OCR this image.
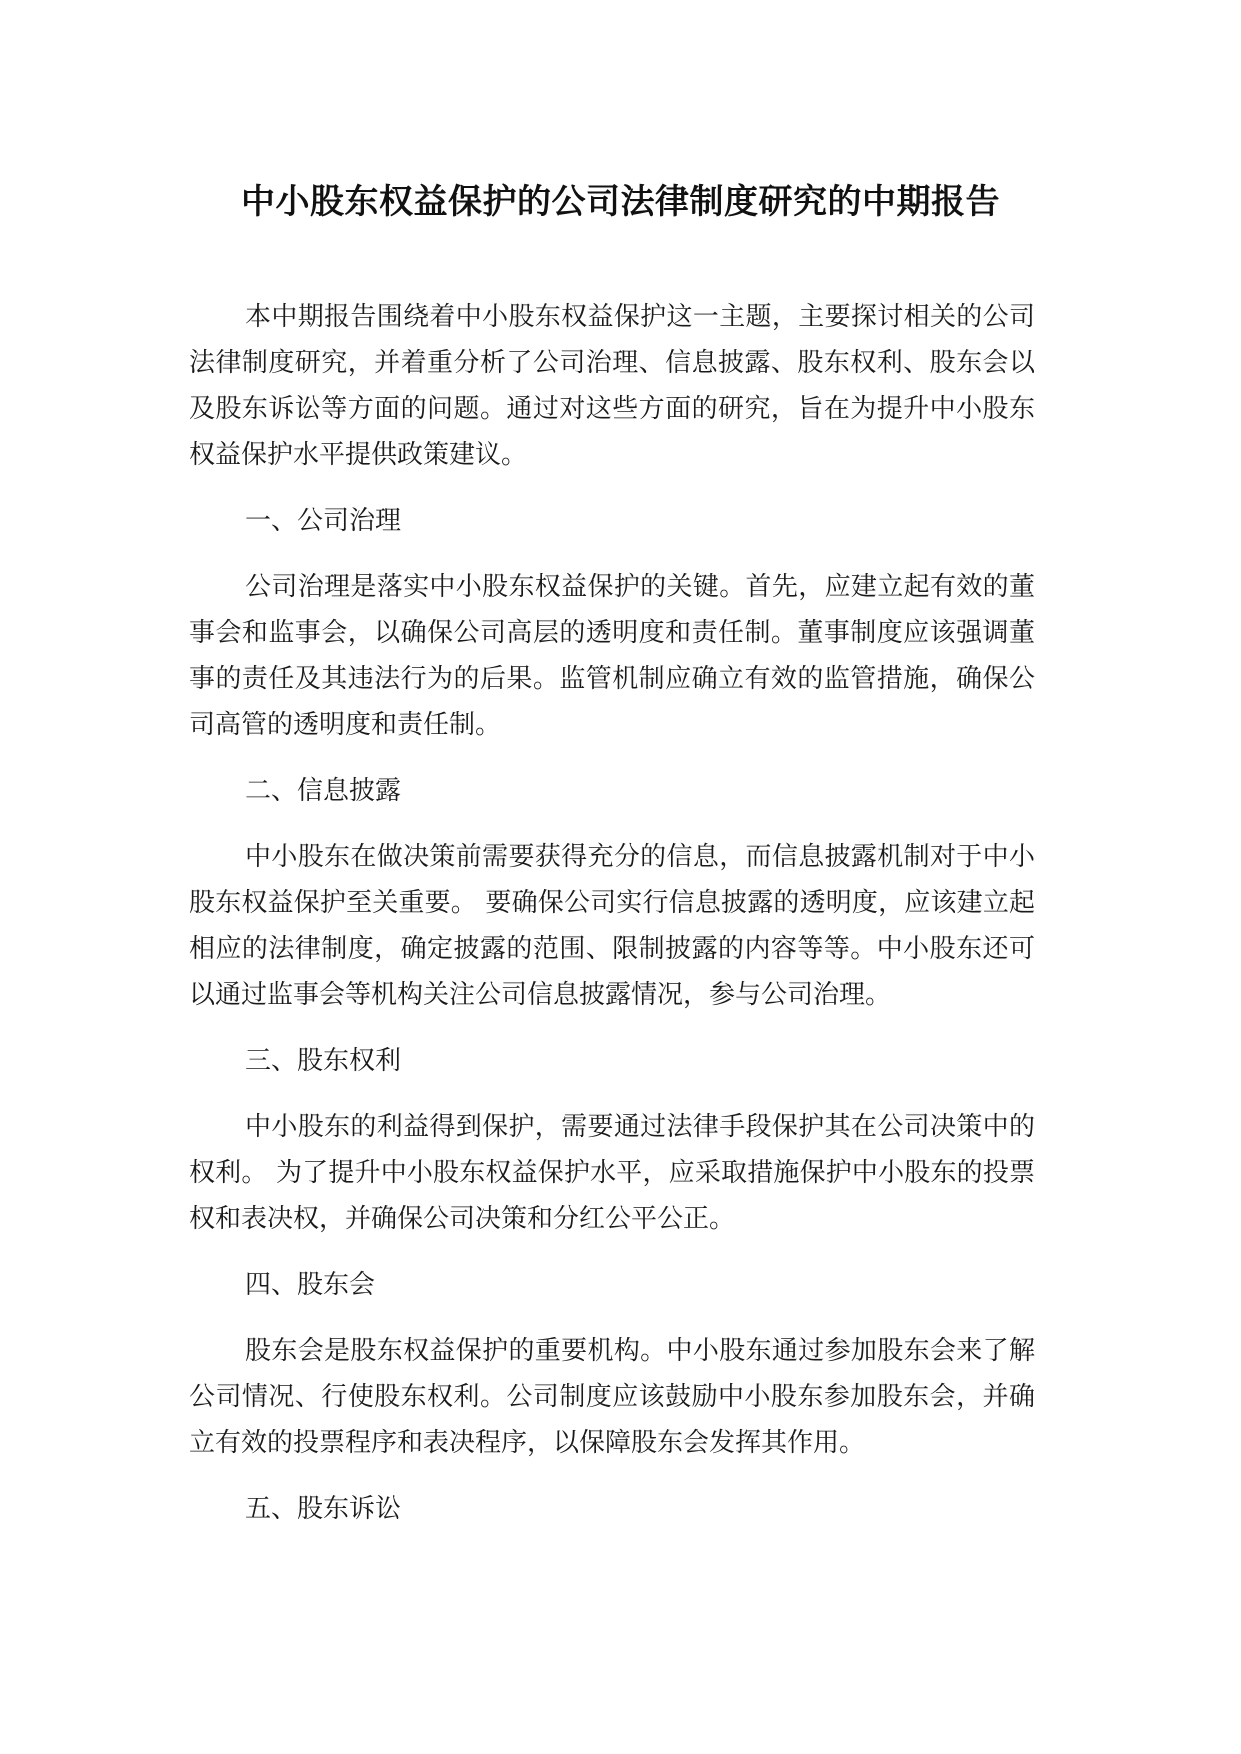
中小股东权益保护的公司法律制度研究的中期报告

本中期报告围绕着中小股东权益保护这一主题，主要探讨相关的公司法律制度研究，并着重分析了公司治理、信息披露、股东权利、股东会以及股东诉讼等方面的问题。通过对这些方面的研究，旨在为提升中小股东权益保护水平提供政策建议。

一、公司治理

公司治理是落实中小股东权益保护的关键。首先，应建立起有效的董事会和监事会，以确保公司高层的透明度和责任制。董事制度应该强调董事的责任及其违法行为的后果。监管机制应确立有效的监管措施，确保公司高管的透明度和责任制。

二、信息披露

中小股东在做决策前需要获得充分的信息，而信息披露机制对于中小股东权益保护至关重要。 要确保公司实行信息披露的透明度，应该建立起相应的法律制度，确定披露的范围、限制披露的内容等等。中小股东还可以通过监事会等机构关注公司信息披露情况，参与公司治理。

三、股东权利

中小股东的利益得到保护，需要通过法律手段保护其在公司决策中的权利。 为了提升中小股东权益保护水平，应采取措施保护中小股东的投票权和表决权，并确保公司决策和分红公平公正。

四、股东会

股东会是股东权益保护的重要机构。中小股东通过参加股东会来了解公司情况、行使股东权利。公司制度应该鼓励中小股东参加股东会，并确立有效的投票程序和表决程序，以保障股东会发挥其作用。

五、股东诉讼
